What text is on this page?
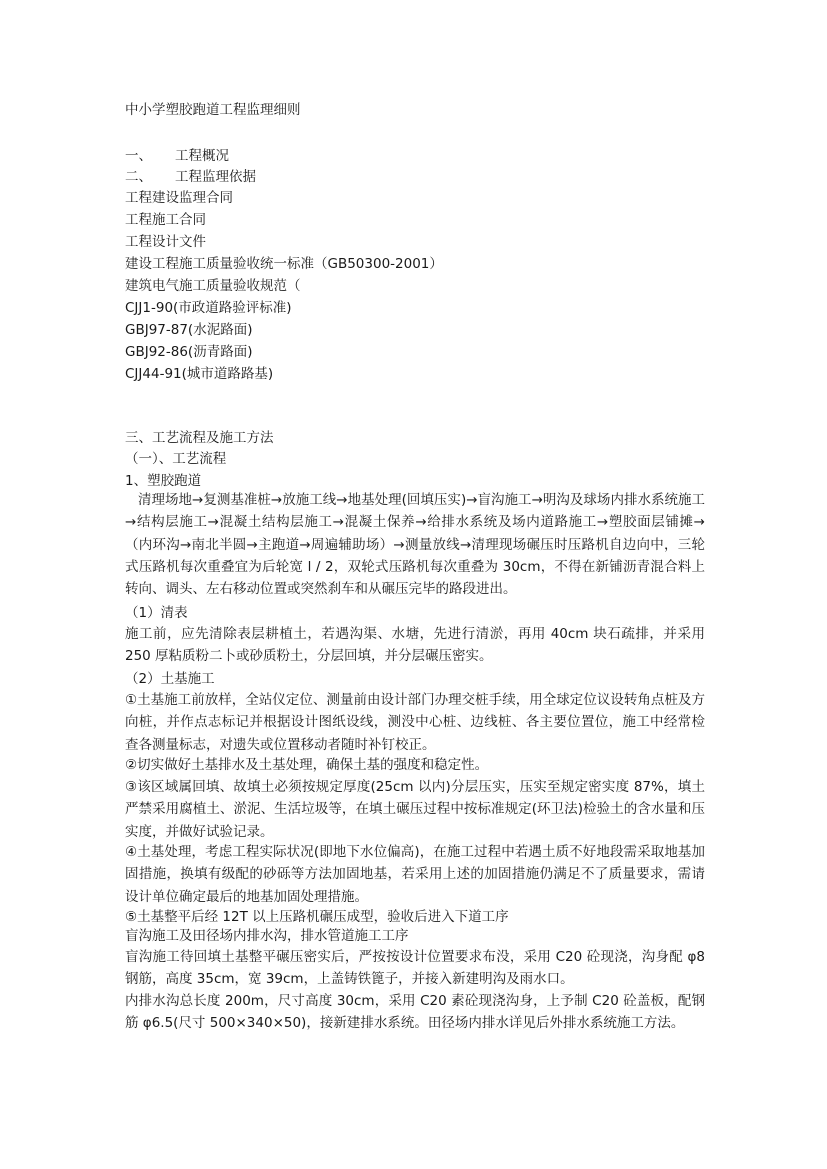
中小学塑胶跑道工程监理细则
一、 工程概况
二、 工程监理依据
工程建设监理合同
工程施工合同
工程设计文件
建设工程施工质量验收统一标准（GB50300-2001）
建筑电气施工质量验收规范（
CJJ1-90(市政道路验评标准)
GBJ97-87(水泥路面)
GBJ92-86(沥青路面)
CJJ44-91(城市道路路基)
三、工艺流程及施工方法
（一）、工艺流程
1、塑胶跑道
清理场地→复测基准桩→放施工线→地基处理(回填压实)→盲沟施工→明沟及球场内排水系统施工→结构层施工→混凝土结构层施工→混凝土保养→给排水系统及场内道路施工→塑胶面层铺摊→（内环沟→南北半圆→主跑道→周遍辅助场）→测量放线→清理现场碾压时压路机自边向中，三轮式压路机每次重叠宜为后轮宽 l / 2，双轮式压路机每次重叠为 30cm，不得在新铺沥青混合料上转向、调头、左右移动位置或突然刹车和从碾压完毕的路段进出。
（1）清表
施工前，应先清除表层耕植土，若遇沟渠、水塘，先进行清淤，再用 40cm 块石疏排，并采用 250 厚粘质粉二卜或砂质粉土，分层回填，并分层碾压密实。
（2）土基施工
①土基施工前放样，全站仪定位、测量前由设计部门办理交桩手续，用全球定位议设转角点桩及方向桩，并作点志标记并根据设计图纸设线，测没中心桩、边线桩、各主要位置位，施工中经常检查各测量标志，对遗失或位置移动者随时补钉校正。
②切实做好土基排水及土基处理，确保土基的强度和稳定性。
③该区域属回填、故填土必须按规定厚度(25cm 以内)分层压实，压实至规定密实度 87%，填土严禁采用腐植土、淤泥、生活垃圾等，在填土碾压过程中按标准规定(环卫法)检验土的含水量和压实度，并做好试验记录。
④土基处理，考虑工程实际状况(即地下水位偏高)，在施工过程中若遇土质不好地段需采取地基加固措施，换填有级配的砂砾等方法加固地基，若采用上述的加固措施仍满足不了质量要求，需请设计单位确定最后的地基加固处理措施。
⑤土基整平后经 12T 以上压路机碾压成型，验收后进入下道工序
盲沟施工及田径场内排水沟，排水管道施工工序
盲沟施工待回填土基整平碾压密实后，严按按设计位置要求布没，采用 C20 砼现浇，沟身配 φ8 钢筋，高度 35cm，宽 39cm，上盖铸铁篦子，并接入新建明沟及雨水口。
内排水沟总长度 200m，尺寸高度 30cm，采用 C20 素砼现浇沟身，上予制 C20 砼盖板，配钢筋 φ6.5(尺寸 500×340×50)，接新建排水系统。田径场内排水详见后外排水系统施工方法。
